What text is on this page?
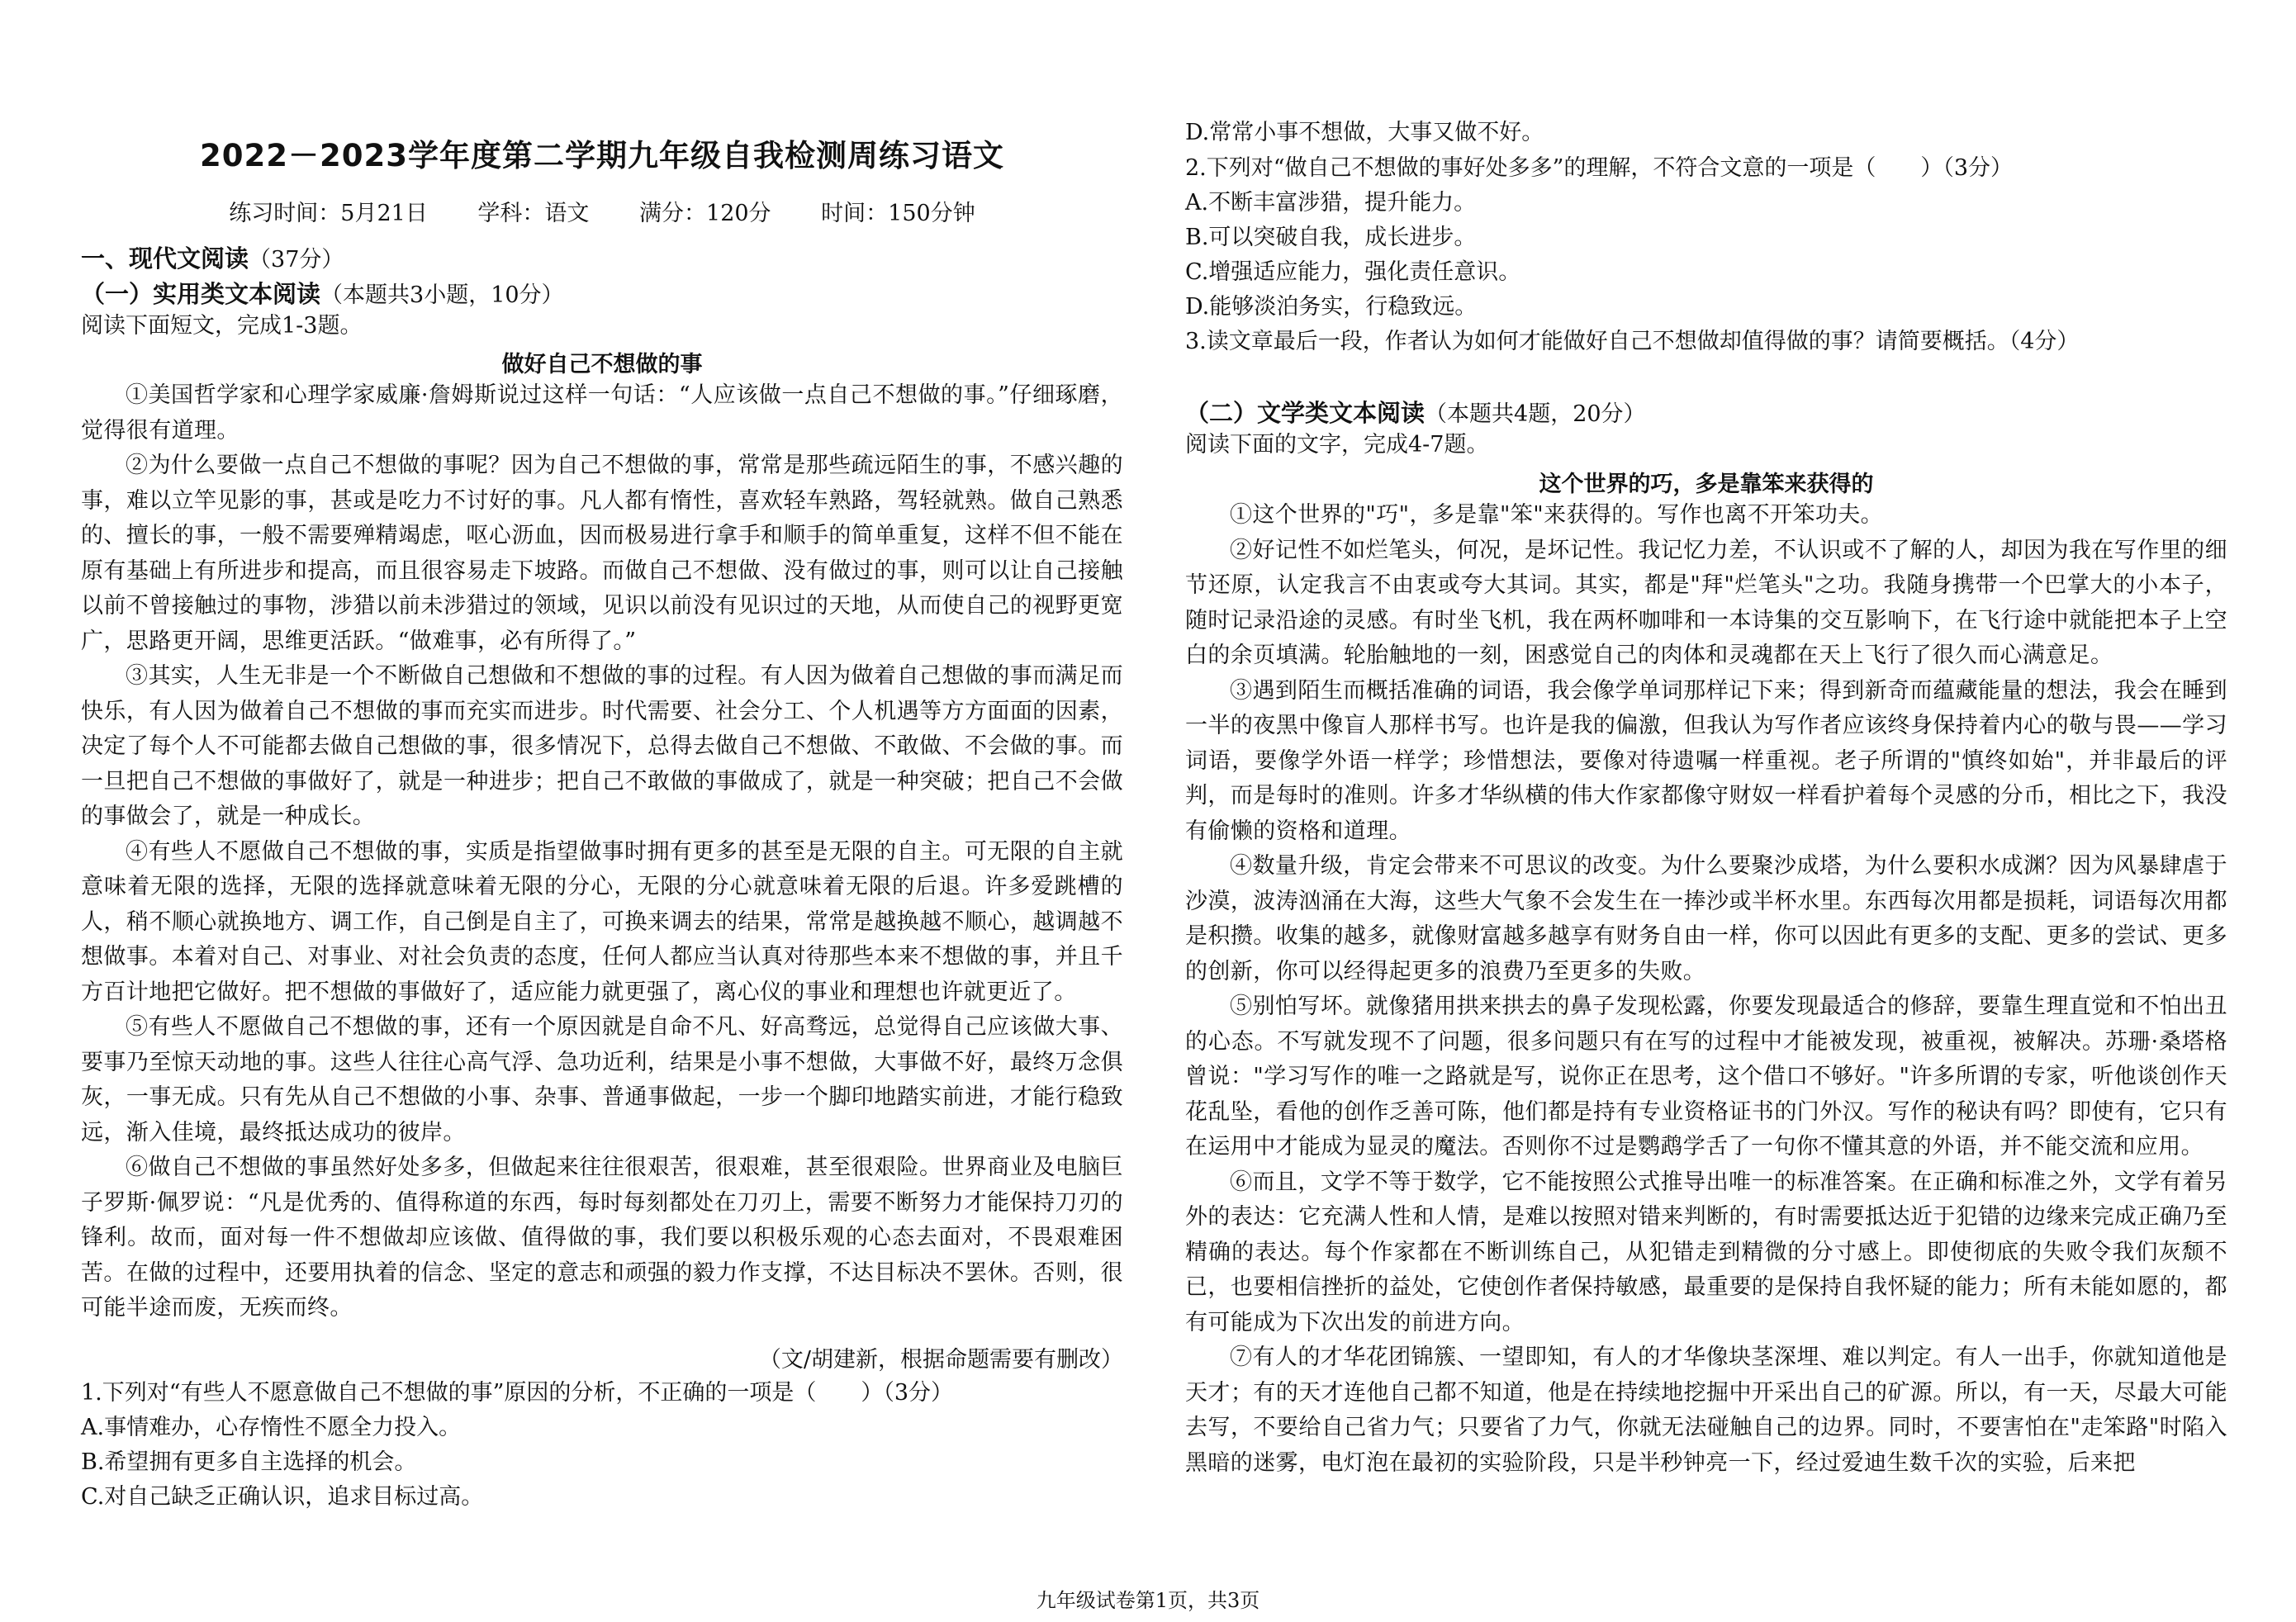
2022－2023学年度第二学期九年级自我检测周练习语文

练习时间：5月21日 学科：语文 满分：120分 时间：150分钟

一、现代文阅读（37分）

（一）实用类文本阅读（本题共3小题，10分）

阅读下面短文，完成1-3题。

做好自己不想做的事

①美国哲学家和心理学家威廉·詹姆斯说过这样一句话：“人应该做一点自己不想做的事。”仔细琢磨，觉得很有道理。

②为什么要做一点自己不想做的事呢？因为自己不想做的事，常常是那些疏远陌生的事，不感兴趣的事，难以立竿见影的事，甚或是吃力不讨好的事。凡人都有惰性，喜欢轻车熟路，驾轻就熟。做自己熟悉的、擅长的事，一般不需要殚精竭虑，呕心沥血，因而极易进行拿手和顺手的简单重复，这样不但不能在原有基础上有所进步和提高，而且很容易走下坡路。而做自己不想做、没有做过的事，则可以让自己接触以前不曾接触过的事物，涉猎以前未涉猎过的领域，见识以前没有见识过的天地，从而使自己的视野更宽广，思路更开阔，思维更活跃。“做难事，必有所得了。”

③其实，人生无非是一个不断做自己想做和不想做的事的过程。有人因为做着自己想做的事而满足而快乐，有人因为做着自己不想做的事而充实而进步。时代需要、社会分工、个人机遇等方方面面的因素，决定了每个人不可能都去做自己想做的事，很多情况下，总得去做自己不想做、不敢做、不会做的事。而一旦把自己不想做的事做好了，就是一种进步；把自己不敢做的事做成了，就是一种突破；把自己不会做的事做会了，就是一种成长。

④有些人不愿做自己不想做的事，实质是指望做事时拥有更多的甚至是无限的自主。可无限的自主就意味着无限的选择，无限的选择就意味着无限的分心，无限的分心就意味着无限的后退。许多爱跳槽的人，稍不顺心就换地方、调工作，自己倒是自主了，可换来调去的结果，常常是越换越不顺心，越调越不想做事。本着对自己、对事业、对社会负责的态度，任何人都应当认真对待那些本来不想做的事，并且千方百计地把它做好。把不想做的事做好了，适应能力就更强了，离心仪的事业和理想也许就更近了。

⑤有些人不愿做自己不想做的事，还有一个原因就是自命不凡、好高骛远，总觉得自己应该做大事、要事乃至惊天动地的事。这些人往往心高气浮、急功近利，结果是小事不想做，大事做不好，最终万念俱灰，一事无成。只有先从自己不想做的小事、杂事、普通事做起，一步一个脚印地踏实前进，才能行稳致远，渐入佳境，最终抵达成功的彼岸。

⑥做自己不想做的事虽然好处多多，但做起来往往很艰苦，很艰难，甚至很艰险。世界商业及电脑巨子罗斯·佩罗说：“凡是优秀的、值得称道的东西，每时每刻都处在刀刃上，需要不断努力才能保持刀刃的锋利。故而，面对每一件不想做却应该做、值得做的事，我们要以积极乐观的心态去面对，不畏艰难困苦。在做的过程中，还要用执着的信念、坚定的意志和顽强的毅力作支撑，不达目标决不罢休。否则，很可能半途而废，无疾而终。

（文/胡建新，根据命题需要有删改）

1.下列对“有些人不愿意做自己不想做的事”原因的分析，不正确的一项是（　　）（3分）

A.事情难办，心存惰性不愿全力投入。

B.希望拥有更多自主选择的机会。

C.对自己缺乏正确认识，追求目标过高。

D.常常小事不想做，大事又做不好。

2.下列对“做自己不想做的事好处多多”的理解，不符合文意的一项是（　　）（3分）

A.不断丰富涉猎，提升能力。

B.可以突破自我，成长进步。

C.增强适应能力，强化责任意识。

D.能够淡泊务实，行稳致远。

3.读文章最后一段，作者认为如何才能做好自己不想做却值得做的事？请简要概括。（4分）

（二）文学类文本阅读（本题共4题，20分）

阅读下面的文字，完成4-7题。

这个世界的巧，多是靠笨来获得的

①这个世界的"巧"，多是靠"笨"来获得的。写作也离不开笨功夫。

②好记性不如烂笔头，何况，是坏记性。我记忆力差，不认识或不了解的人，却因为我在写作里的细节还原，认定我言不由衷或夸大其词。其实，都是"拜"烂笔头"之功。我随身携带一个巴掌大的小本子，随时记录沿途的灵感。有时坐飞机，我在两杯咖啡和一本诗集的交互影响下，在飞行途中就能把本子上空白的余页填满。轮胎触地的一刻，困惑觉自己的肉体和灵魂都在天上飞行了很久而心满意足。

③遇到陌生而概括准确的词语，我会像学单词那样记下来；得到新奇而蕴藏能量的想法，我会在睡到一半的夜黑中像盲人那样书写。也许是我的偏激，但我认为写作者应该终身保持着内心的敬与畏——学习词语，要像学外语一样学；珍惜想法，要像对待遗嘱一样重视。老子所谓的"慎终如始"，并非最后的评判，而是每时的准则。许多才华纵横的伟大作家都像守财奴一样看护着每个灵感的分币，相比之下，我没有偷懒的资格和道理。

④数量升级，肯定会带来不可思议的改变。为什么要聚沙成塔，为什么要积水成渊？因为风暴肆虐于沙漠，波涛汹涌在大海，这些大气象不会发生在一捧沙或半杯水里。东西每次用都是损耗，词语每次用都是积攒。收集的越多，就像财富越多越享有财务自由一样，你可以因此有更多的支配、更多的尝试、更多的创新，你可以经得起更多的浪费乃至更多的失败。

⑤别怕写坏。就像猪用拱来拱去的鼻子发现松露，你要发现最适合的修辞，要靠生理直觉和不怕出丑的心态。不写就发现不了问题，很多问题只有在写的过程中才能被发现，被重视，被解决。苏珊·桑塔格曾说："学习写作的唯一之路就是写，说你正在思考，这个借口不够好。"许多所谓的专家，听他谈创作天花乱坠，看他的创作乏善可陈，他们都是持有专业资格证书的门外汉。写作的秘诀有吗？即使有，它只有在运用中才能成为显灵的魔法。否则你不过是鹦鹉学舌了一句你不懂其意的外语，并不能交流和应用。

⑥而且，文学不等于数学，它不能按照公式推导出唯一的标准答案。在正确和标准之外，文学有着另外的表达：它充满人性和人情，是难以按照对错来判断的，有时需要抵达近于犯错的边缘来完成正确乃至精确的表达。每个作家都在不断训练自己，从犯错走到精微的分寸感上。即使彻底的失败令我们灰颓不已，也要相信挫折的益处，它使创作者保持敏感，最重要的是保持自我怀疑的能力；所有未能如愿的，都有可能成为下次出发的前进方向。

⑦有人的才华花团锦簇、一望即知，有人的才华像块茎深埋、难以判定。有人一出手，你就知道他是天才；有的天才连他自己都不知道，他是在持续地挖掘中开采出自己的矿源。所以，有一天，尽最大可能去写，不要给自己省力气；只要省了力气，你就无法碰触自己的边界。同时，不要害怕在"走笨路"时陷入黑暗的迷雾，电灯泡在最初的实验阶段，只是半秒钟亮一下，经过爱迪生数千次的实验，后来把

九年级试卷第1页，共3页
